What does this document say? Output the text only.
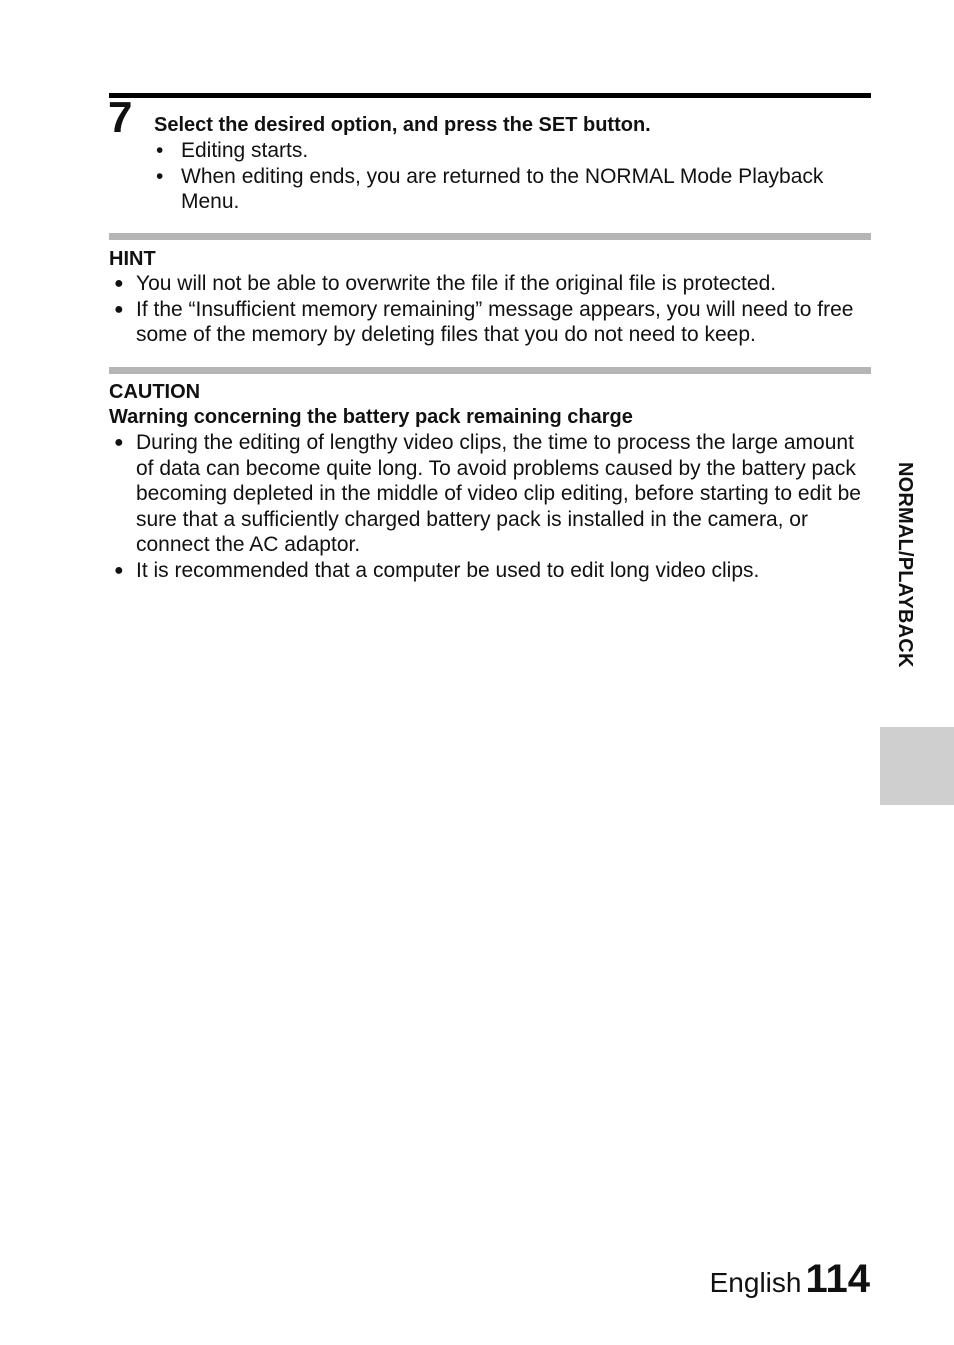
7 Select the desired option, and press the SET button.
• Editing starts.
• When editing ends, you are returned to the NORMAL Mode Playback Menu.
HINT
● You will not be able to overwrite the file if the original file is protected.
● If the “Insufficient memory remaining” message appears, you will need to free some of the memory by deleting files that you do not need to keep.
CAUTION
Warning concerning the battery pack remaining charge
● During the editing of lengthy video clips, the time to process the large amount of data can become quite long. To avoid problems caused by the battery pack becoming depleted in the middle of video clip editing, before starting to edit be sure that a sufficiently charged battery pack is installed in the camera, or connect the AC adaptor.
● It is recommended that a computer be used to edit long video clips.	NORMAL/PLAYBACK
English 114
